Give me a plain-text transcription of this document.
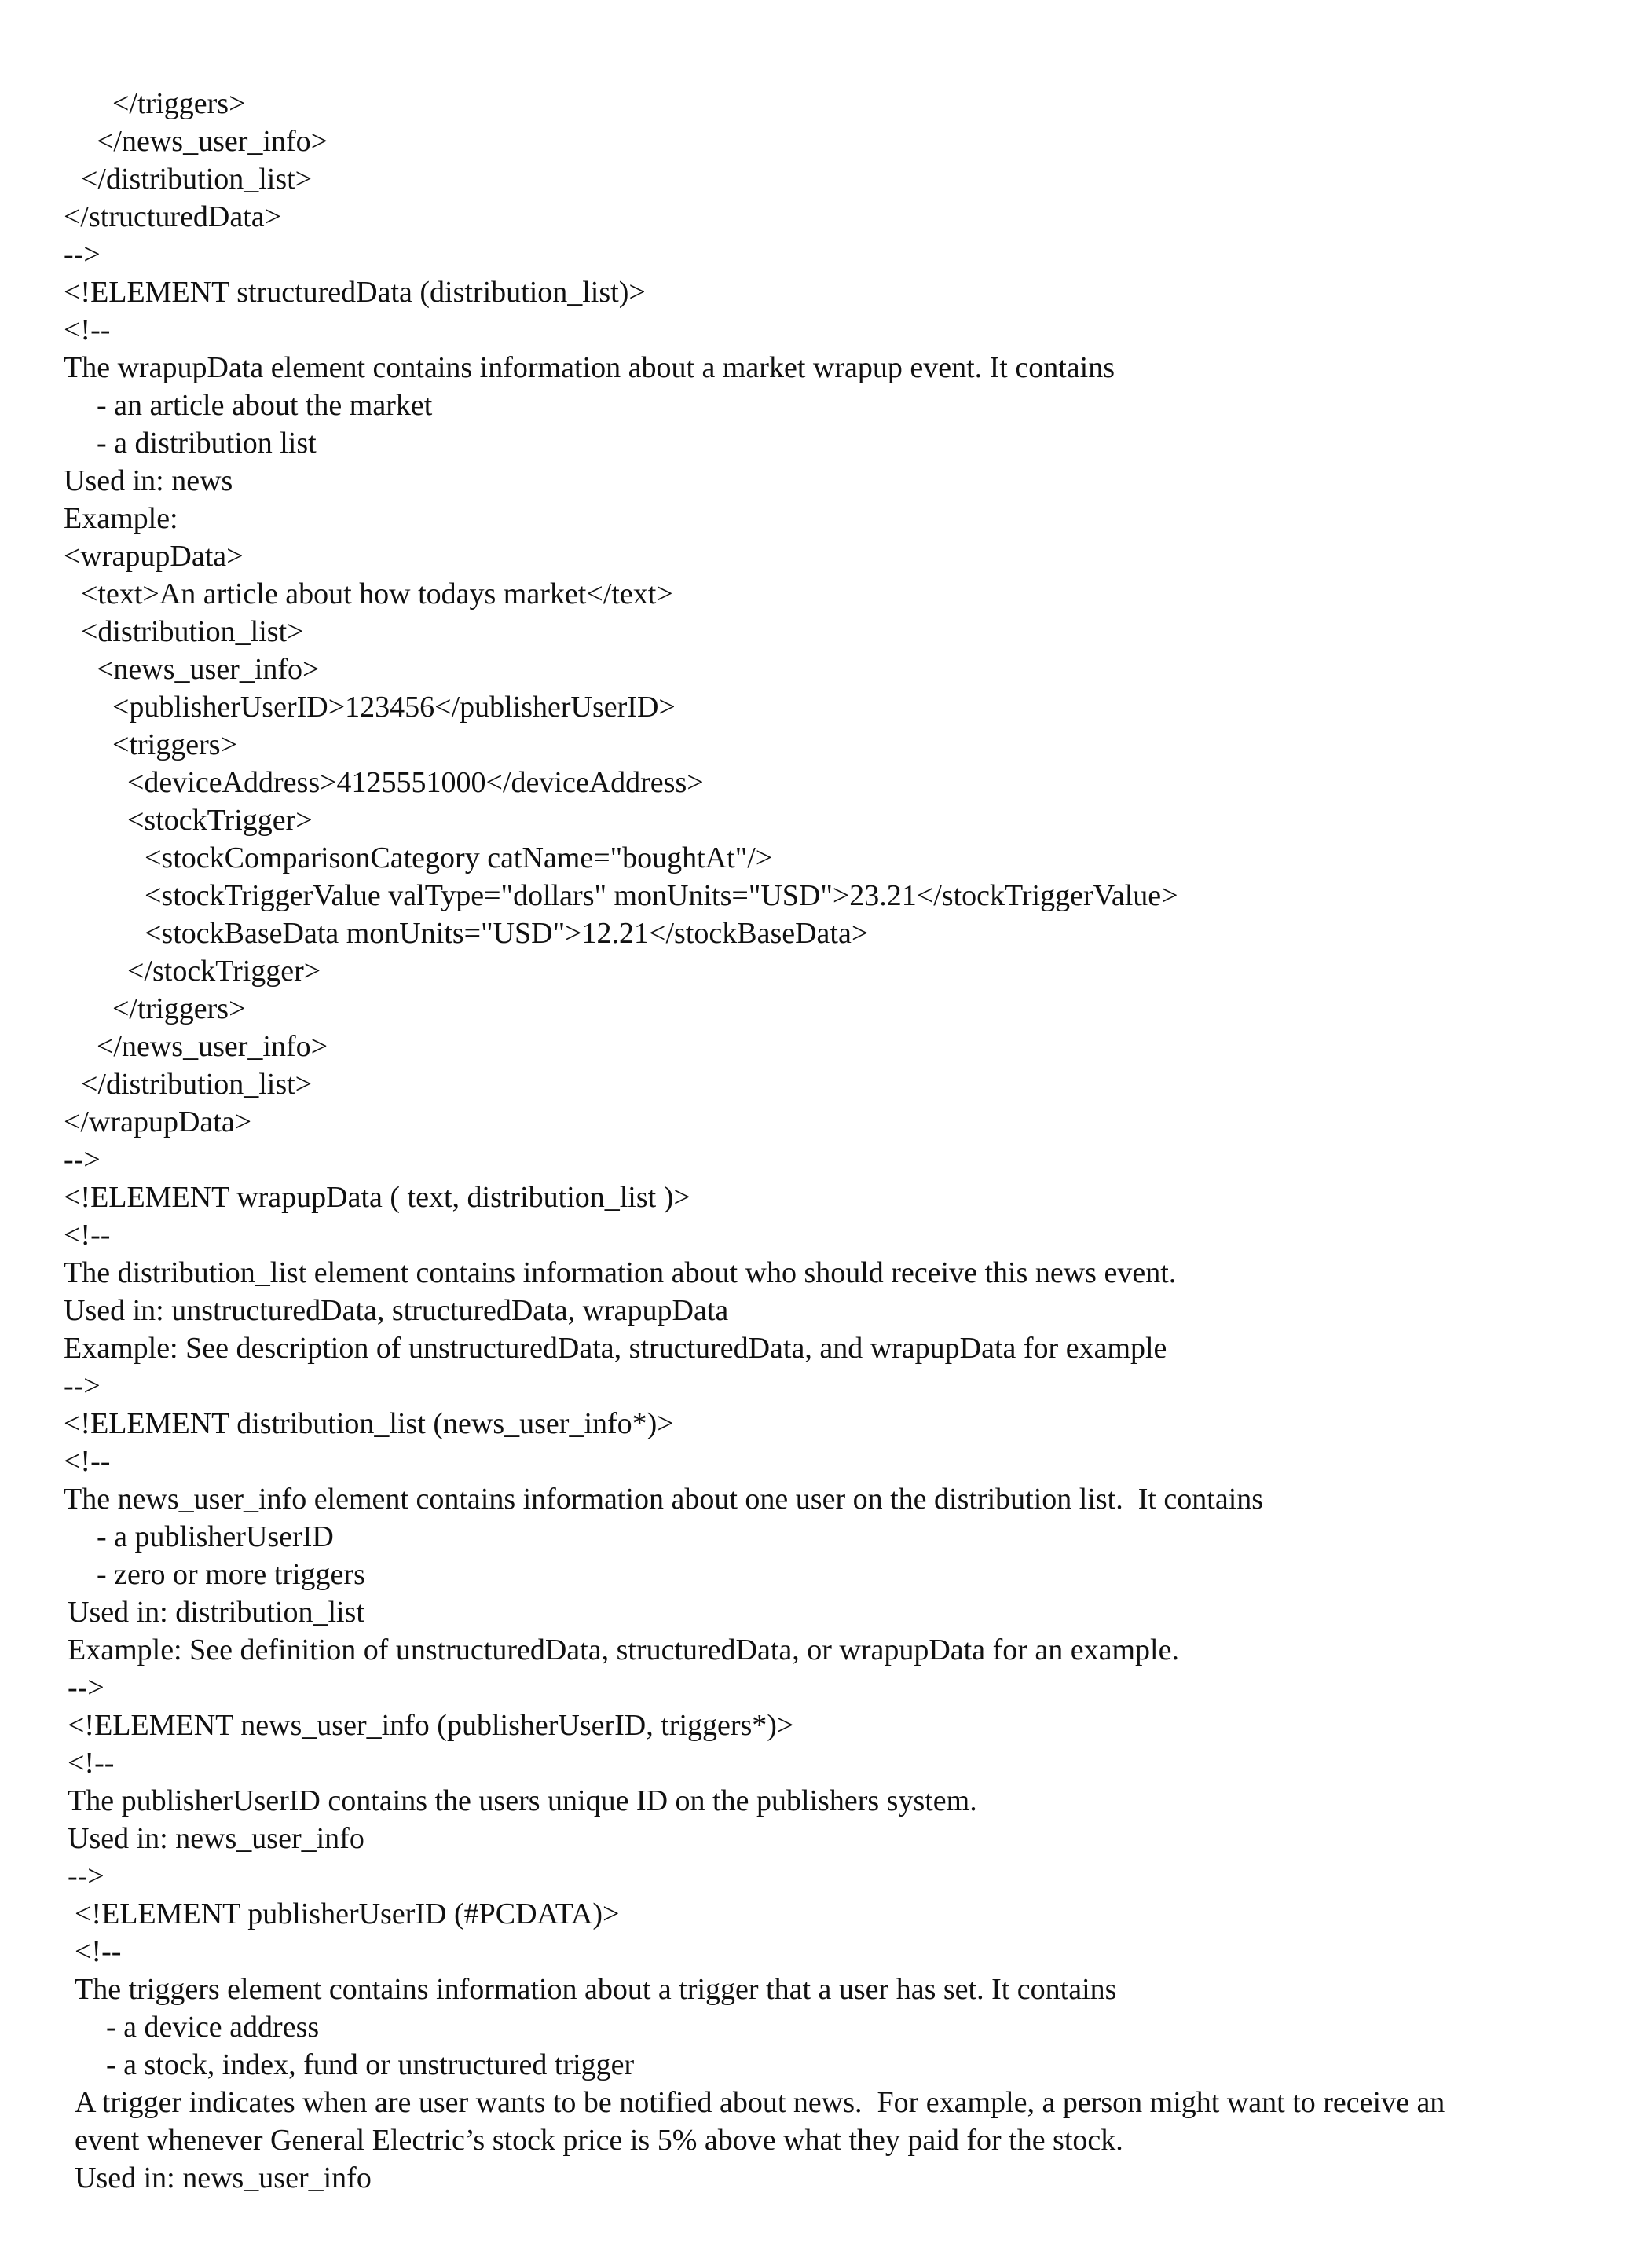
</triggers>
</news_user_info>
</distribution_list>
</structuredData>
-->
<!ELEMENT structuredData (distribution_list)>
<!--
The wrapupData element contains information about a market wrapup event. It contains
- an article about the market
- a distribution list
Used in: news
Example:
<wrapupData>
<text>An article about how todays market</text>
<distribution_list>
<news_user_info>
<publisherUserID>123456</publisherUserID>
<triggers>
<deviceAddress>4125551000</deviceAddress>
<stockTrigger>
<stockComparisonCategory catName="boughtAt"/>
<stockTriggerValue valType="dollars" monUnits="USD">23.21</stockTriggerValue>
<stockBaseData monUnits="USD">12.21</stockBaseData>
</stockTrigger>
</triggers>
</news_user_info>
</distribution_list>
</wrapupData>
-->
<!ELEMENT wrapupData ( text, distribution_list )>
<!--
The distribution_list element contains information about who should receive this news event.
Used in: unstructuredData, structuredData, wrapupData
Example: See description of unstructuredData, structuredData, and wrapupData for example
-->
<!ELEMENT distribution_list (news_user_info*)>
<!--
The news_user_info element contains information about one user on the distribution list.  It contains
- a publisherUserID
- zero or more triggers
Used in: distribution_list
Example: See definition of unstructuredData, structuredData, or wrapupData for an example.
-->
<!ELEMENT news_user_info (publisherUserID, triggers*)>
<!--
The publisherUserID contains the users unique ID on the publishers system.
Used in: news_user_info
-->
<!ELEMENT publisherUserID (#PCDATA)>
<!--
The triggers element contains information about a trigger that a user has set. It contains
- a device address
- a stock, index, fund or unstructured trigger
A trigger indicates when are user wants to be notified about news.  For example, a person might want to receive an
event whenever General Electric’s stock price is 5% above what they paid for the stock.
Used in: news_user_info
